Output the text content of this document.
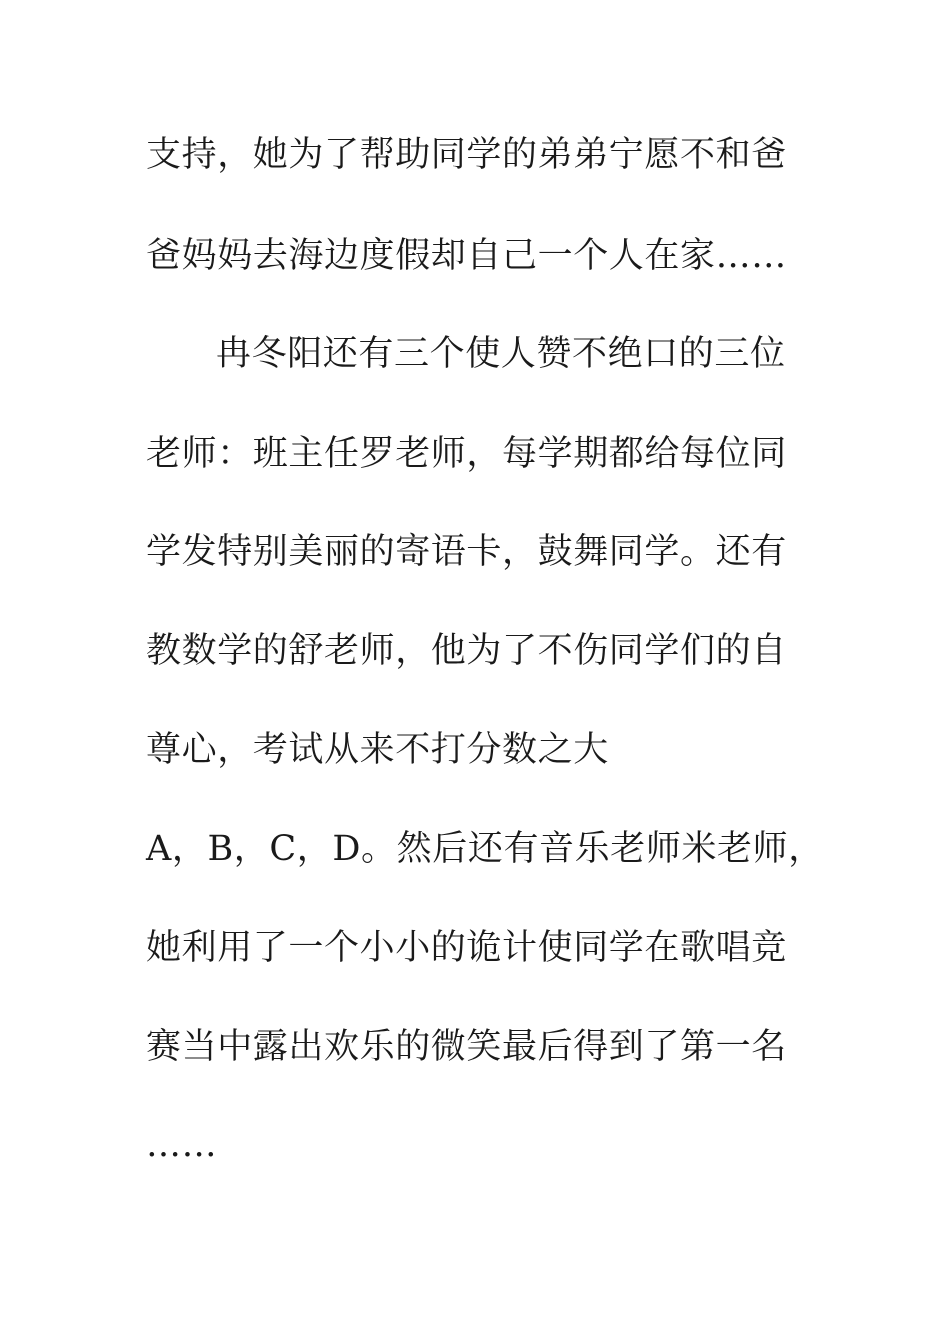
支持，她为了帮助同学的弟弟宁愿不和爸
爸妈妈去海边度假却自己一个人在家……
冉冬阳还有三个使人赞不绝口的三位
老师：班主任罗老师，每学期都给每位同
学发特别美丽的寄语卡，鼓舞同学。还有
教数学的舒老师，他为了不伤同学们的自
尊心，考试从来不打分数之大
A，B，C，D。然后还有音乐老师米老师，
她利用了一个小小的诡计使同学在歌唱竞
赛当中露出欢乐的微笑最后得到了第一名
……
